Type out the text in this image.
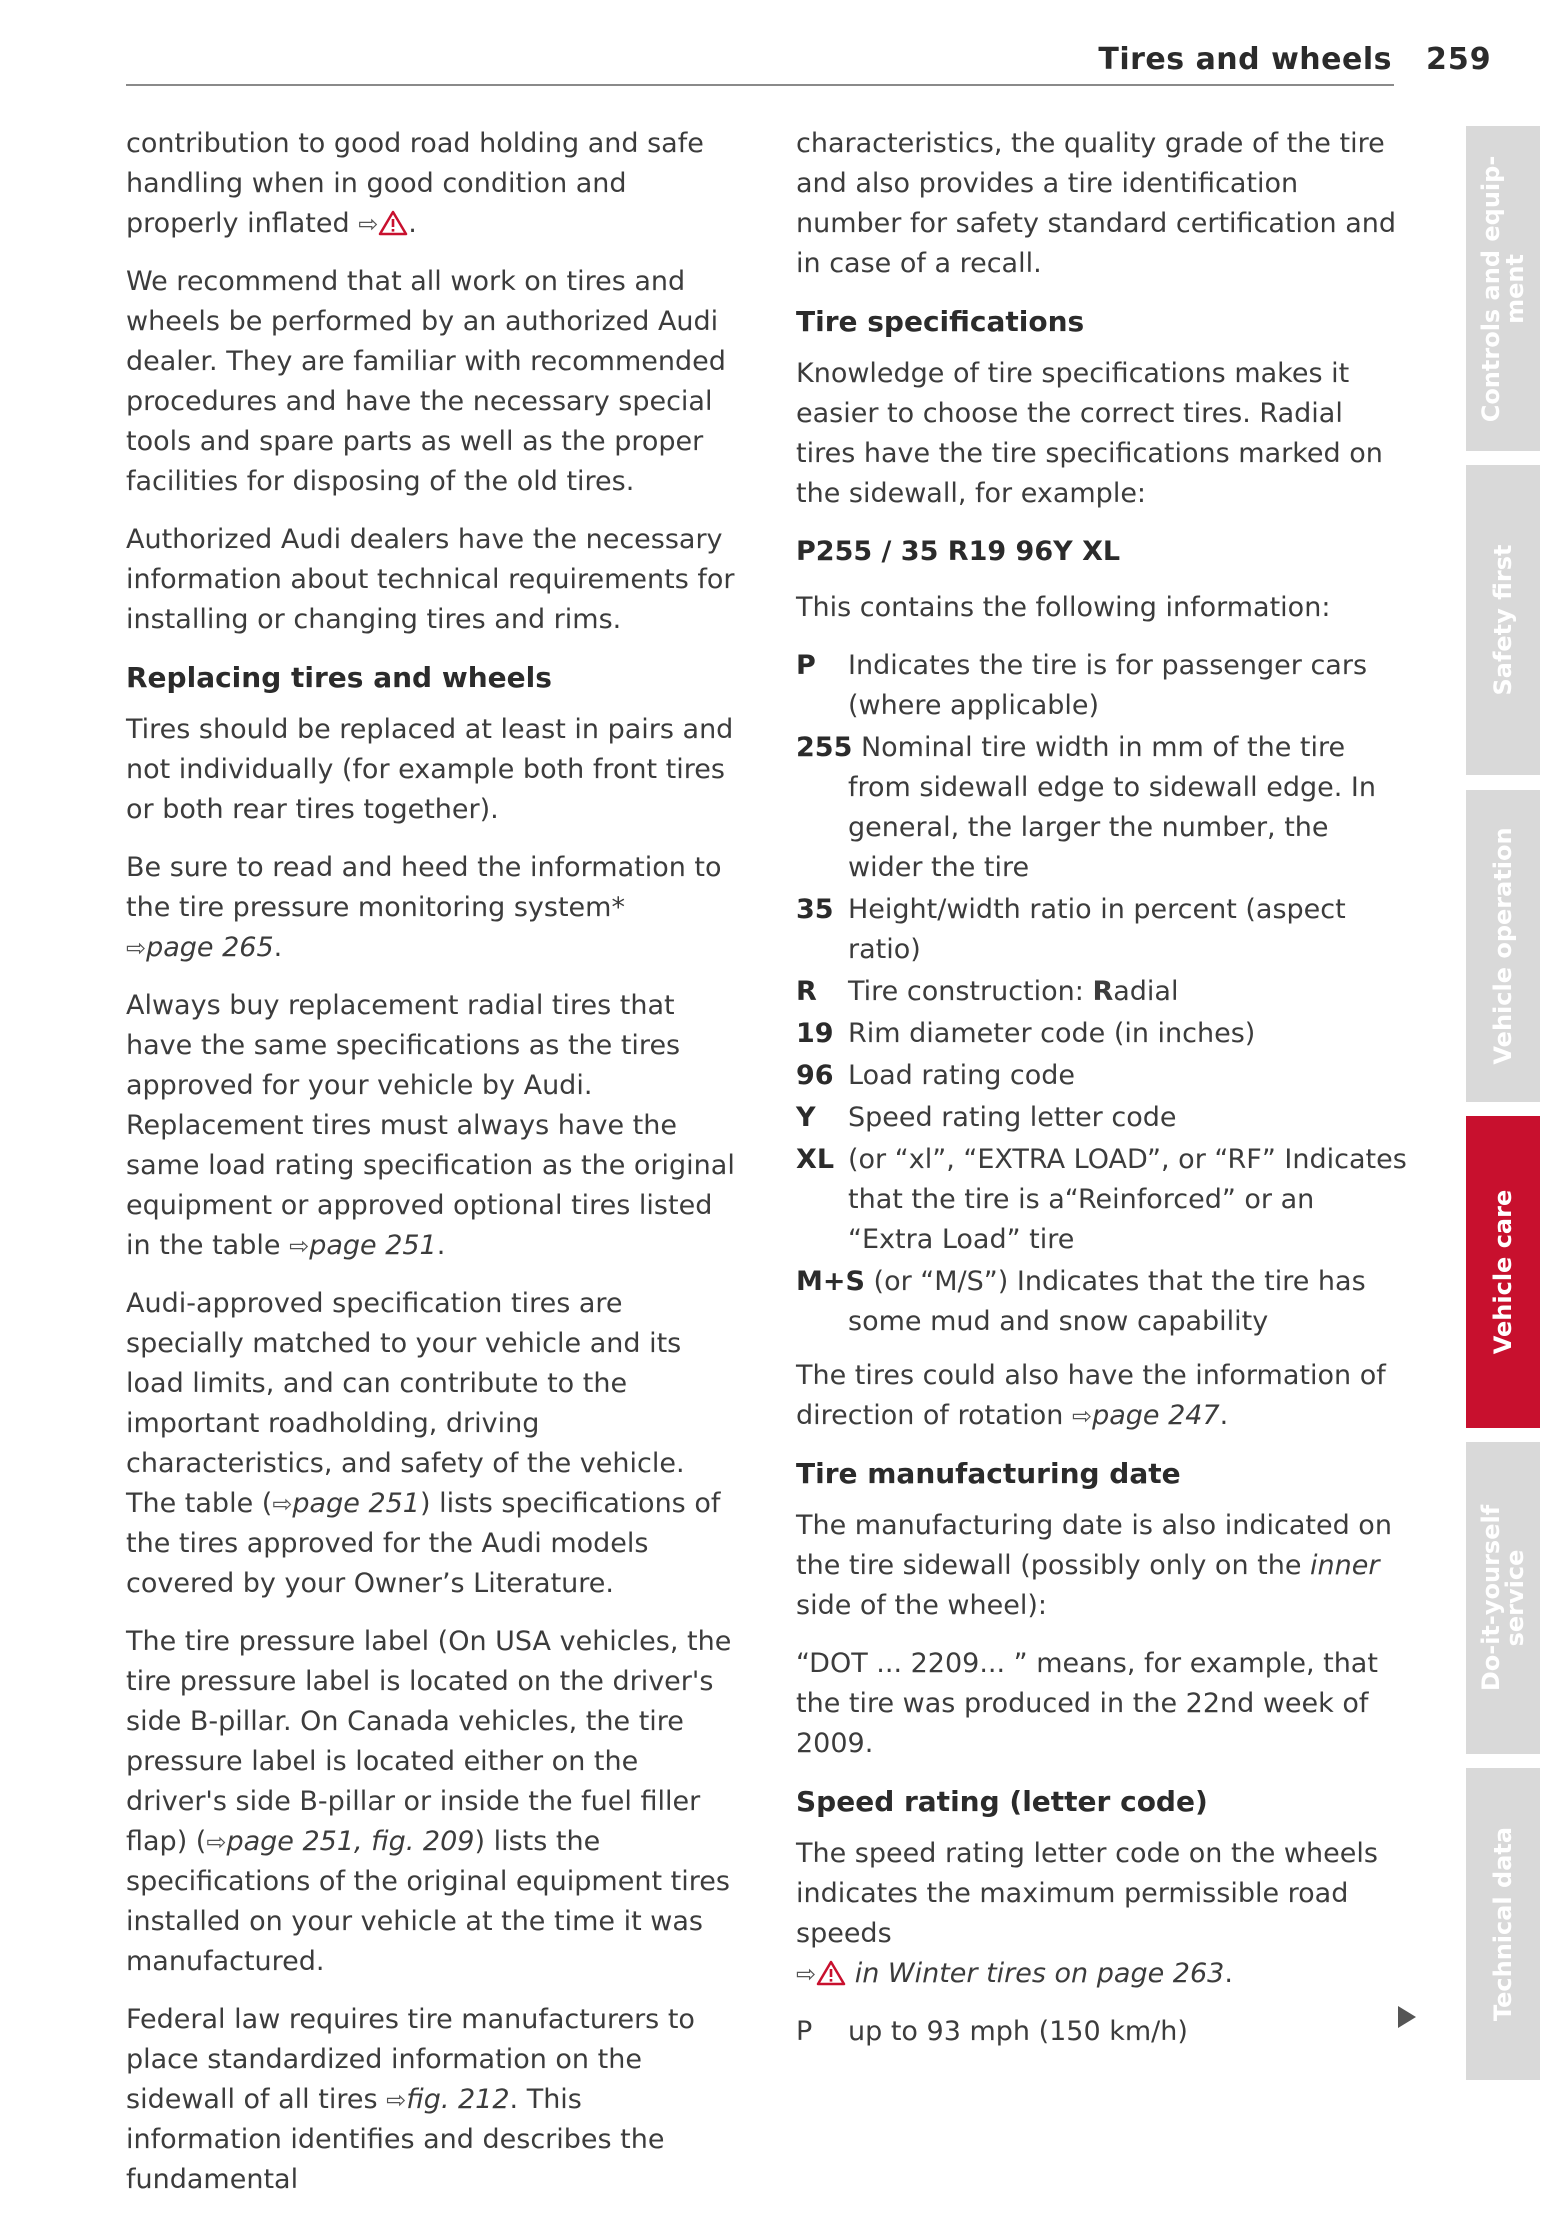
Tires and wheels 259

contribution to good road holding and safe handling when in good condition and properly inflated ⇨ .

We recommend that all work on tires and wheels be performed by an authorized Audi dealer. They are familiar with recommended procedures and have the necessary special tools and spare parts as well as the proper facilities for disposing of the old tires.

Authorized Audi dealers have the necessary information about technical requirements for installing or changing tires and rims.

Replacing tires and wheels

Tires should be replaced at least in pairs and not individually (for example both front tires or both rear tires together).

Be sure to read and heed the information to the tire pressure monitoring system*
⇨page 265.

Always buy replacement radial tires that have the same specifications as the tires approved for your vehicle by Audi. Replacement tires must always have the same load rating specification as the original equipment or approved optional tires listed in the table ⇨page 251.

Audi-approved specification tires are specially matched to your vehicle and its load limits, and can contribute to the important roadholding, driving characteristics, and safety of the vehicle. The table (⇨page 251) lists specifications of the tires approved for the Audi models covered by your Owner’s Literature.

The tire pressure label (On USA vehicles, the tire pressure label is located on the driver's side B-pillar. On Canada vehicles, the tire pressure label is located either on the driver's side B-pillar or inside the fuel filler flap) (⇨page 251, fig. 209) lists the specifications of the original equipment tires installed on your vehicle at the time it was manufactured.

Federal law requires tire manufacturers to place standardized information on the sidewall of all tires ⇨fig. 212. This information identifies and describes the fundamental

characteristics, the quality grade of the tire and also provides a tire identification number for safety standard certification and in case of a recall.

Tire specifications

Knowledge of tire specifications makes it easier to choose the correct tires. Radial tires have the tire specifications marked on the sidewall, for example:

P255 / 35 R19 96Y XL

This contains the following information:

P Indicates the tire is for passenger cars (where applicable)
255 Nominal tire width in mm of the tire from sidewall edge to sidewall edge. In general, the larger the number, the wider the tire
35 Height/width ratio in percent (aspect ratio)
R Tire construction: Radial
19 Rim diameter code (in inches)
96 Load rating code
Y Speed rating letter code
XL (or “xl”, “EXTRA LOAD”, or “RF” Indicates that the tire is a“Reinforced” or an “Extra Load” tire
M+S (or “M/S”) Indicates that the tire has some mud and snow capability

The tires could also have the information of direction of rotation ⇨page 247.

Tire manufacturing date

The manufacturing date is also indicated on the tire sidewall (possibly only on the inner side of the wheel):

“DOT ... 2209... ” means, for example, that the tire was produced in the 22nd week of 2009.

Speed rating (letter code)

The speed rating letter code on the wheels indicates the maximum permissible road speeds
⇨ in Winter tires on page 263.

P up to 93 mph (150 km/h)
Controls and equip-
ment
Safety first
Vehicle operation
Vehicle care
Do-it-yourself
service
Technical data
